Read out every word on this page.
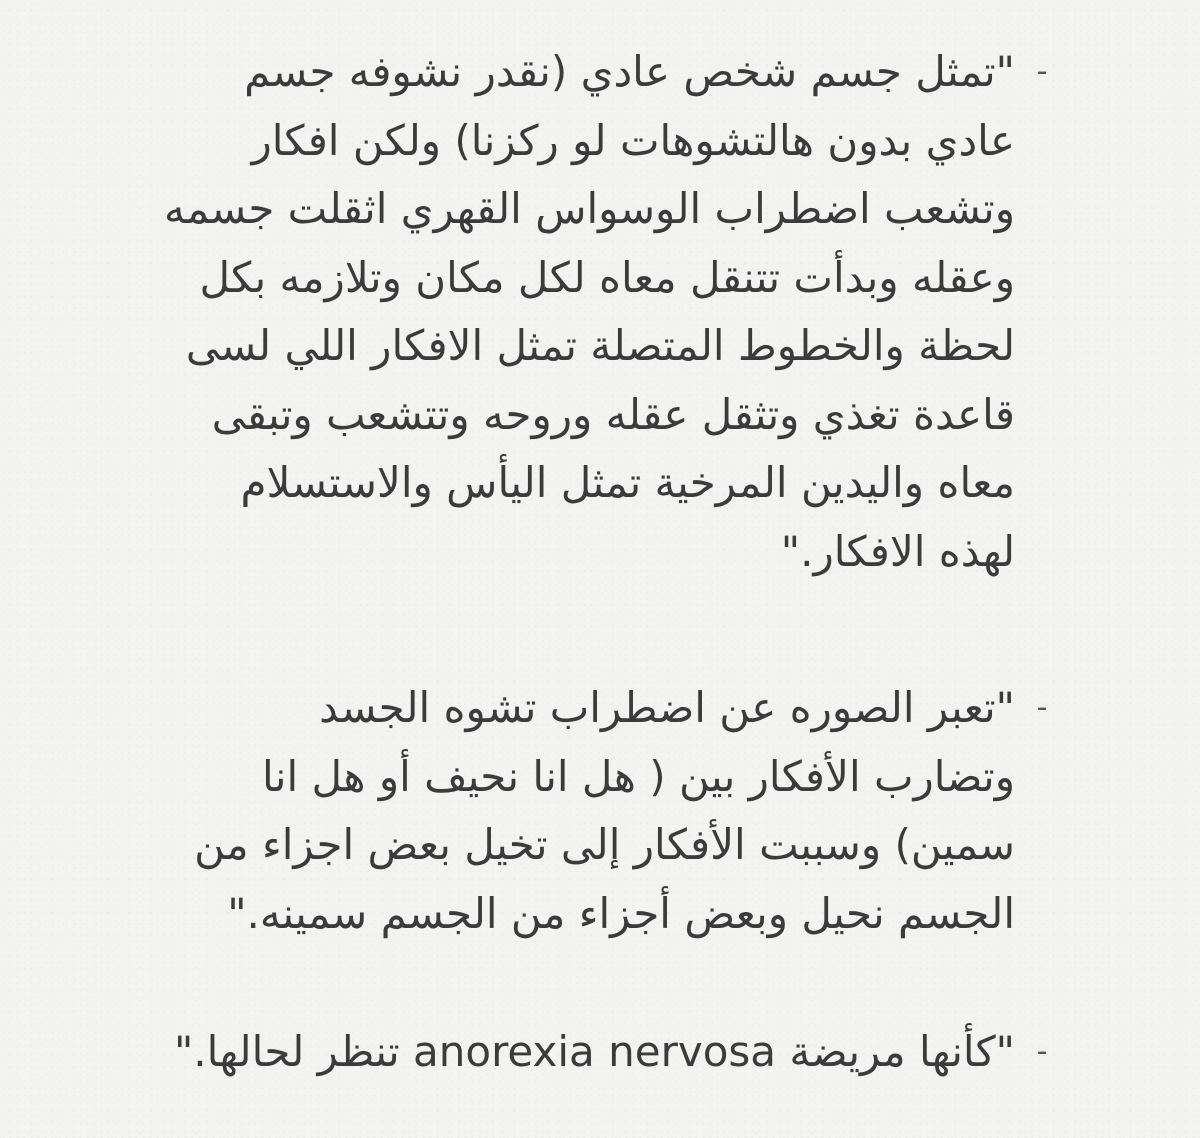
-
"تمثل جسم شخص عادي (نقدر نشوفه جسم
عادي بدون هالتشوهات لو ركزنا) ولكن افكار
وتشعب اضطراب الوسواس القهري اثقلت جسمه
وعقله وبدأت تتنقل معاه لكل مكان وتلازمه بكل
لحظة والخطوط المتصلة تمثل الافكار اللي لسى
قاعدة تغذي وتثقل عقله وروحه وتتشعب وتبقى
معاه واليدين المرخية تمثل اليأس والاستسلام
لهذه الافكار."
-
"تعبر الصوره عن اضطراب تشوه الجسد
وتضارب الأفكار بين ( هل انا نحيف أو هل انا
سمين) وسببت الأفكار إلى تخيل بعض اجزاء من
الجسم نحيل وبعض أجزاء من الجسم سمينه."
-
"كأنها مريضة anorexia nervosa تنظر لحالها."
